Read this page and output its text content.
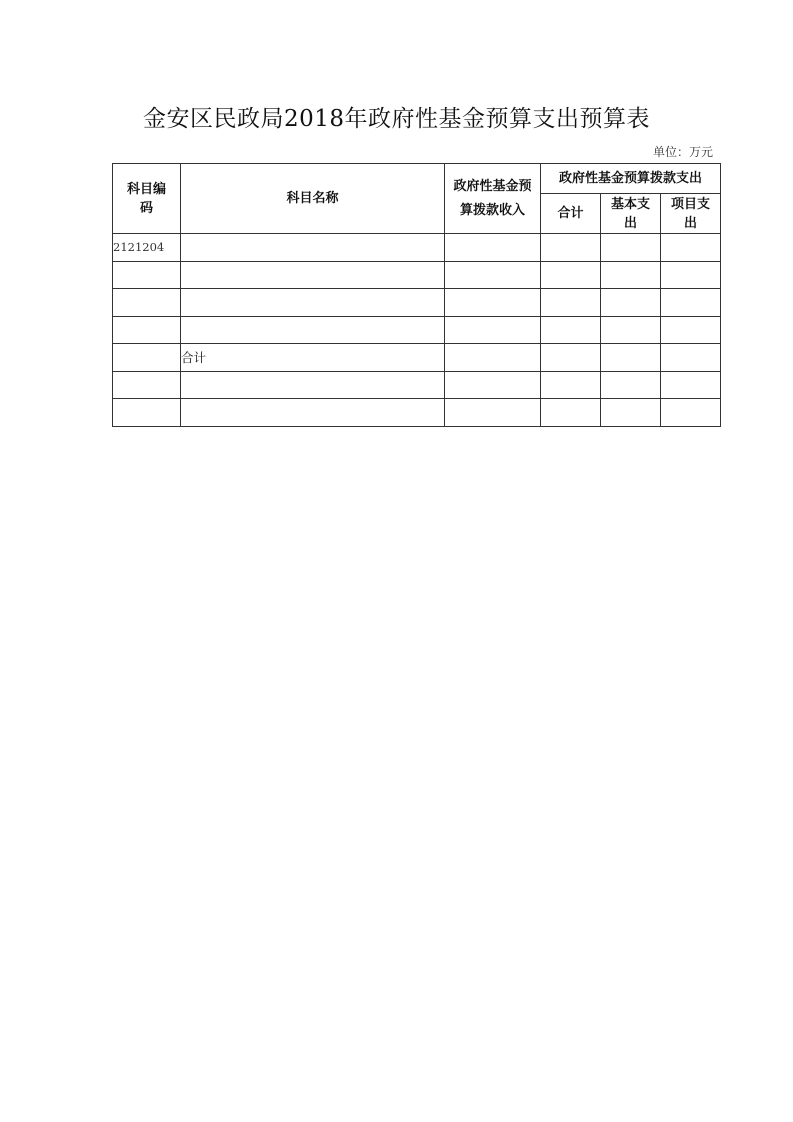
金安区民政局2018年政府性基金预算支出预算表
单位：万元
科目编码	科目名称	政府性基金预算拨款收入	政府性基金预算拨款支出		
			合计	基本支出	项目支出

2121204					

	合计				
